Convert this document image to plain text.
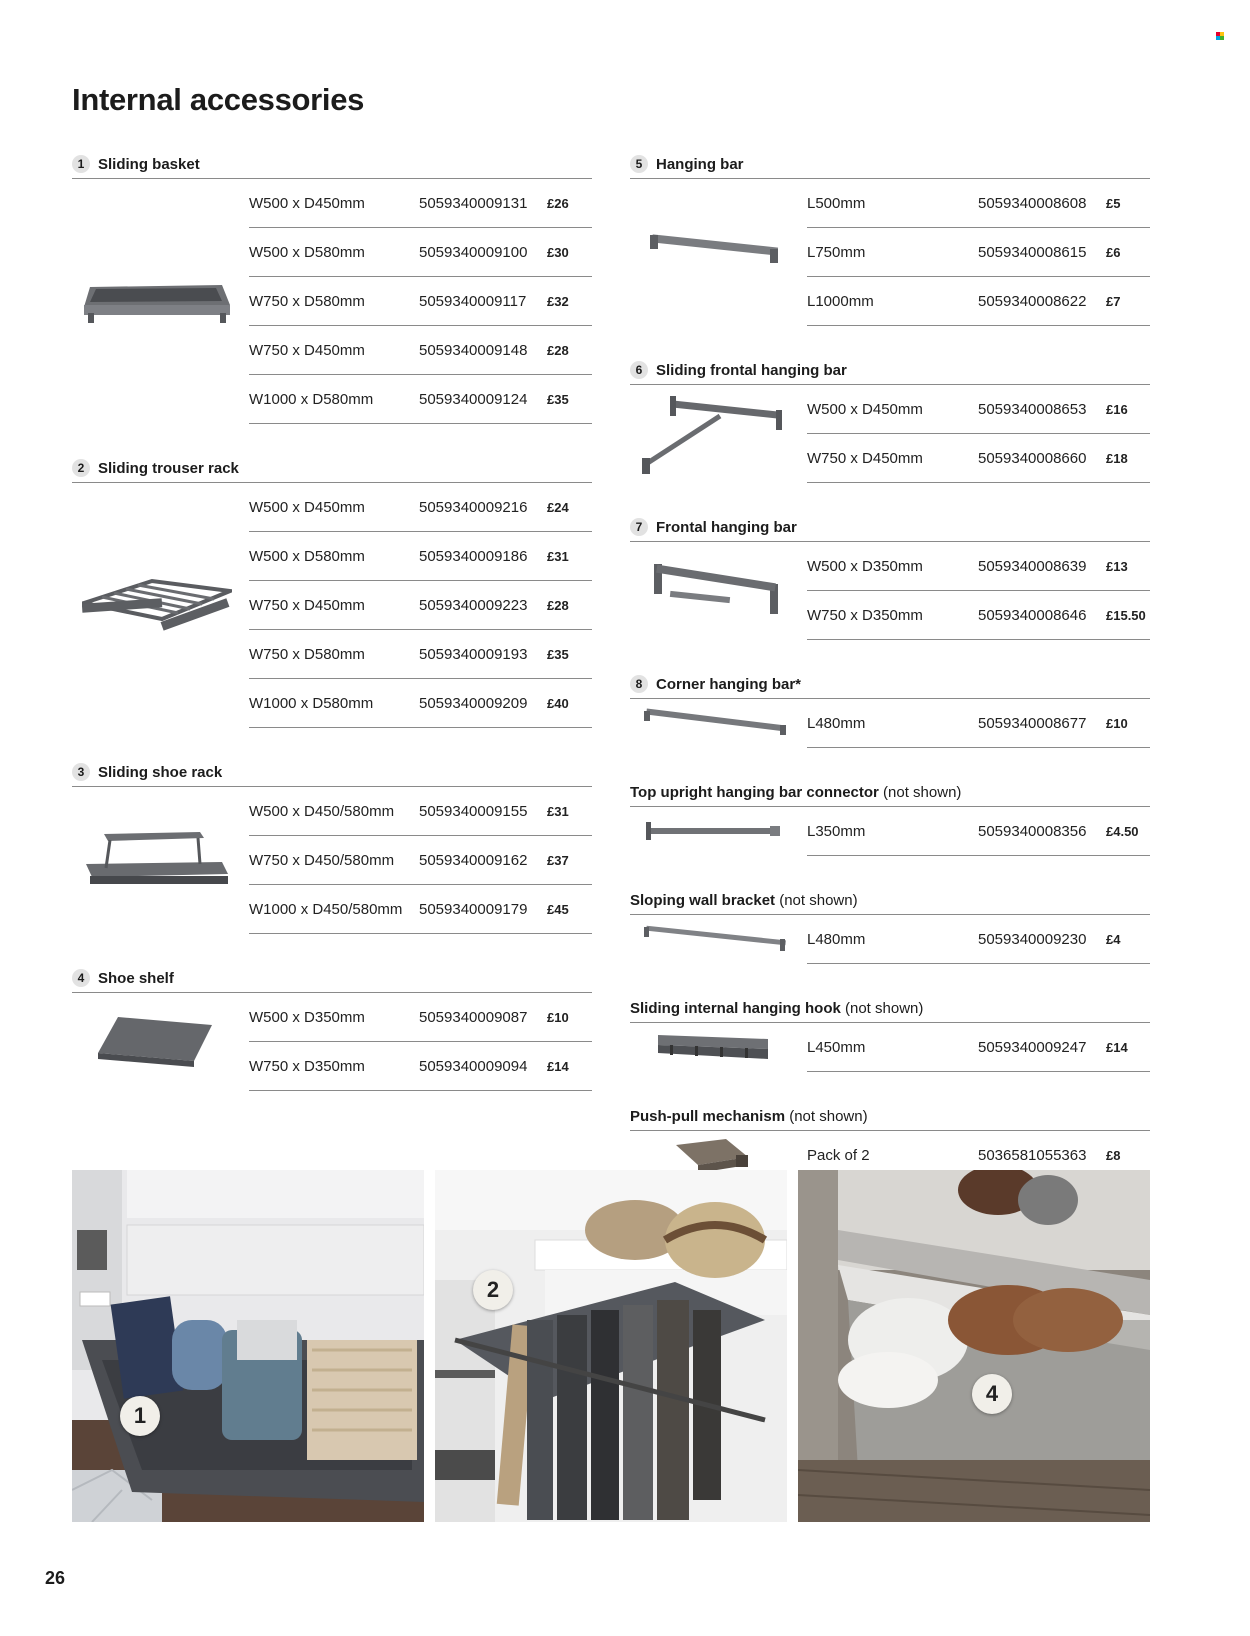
Internal accessories
1 Sliding basket
W500 x D450mm	5059340009131	£26
W500 x D580mm	5059340009100	£30
W750 x D580mm	5059340009117	£32
W750 x D450mm	5059340009148	£28
W1000 x D580mm	5059340009124	£35
2 Sliding trouser rack
W500 x D450mm	5059340009216	£24
W500 x D580mm	5059340009186	£31
W750 x D450mm	5059340009223	£28
W750 x D580mm	5059340009193	£35
W1000 x D580mm	5059340009209	£40
3 Sliding shoe rack
W500 x D450/580mm	5059340009155	£31
W750 x D450/580mm	5059340009162	£37
W1000 x D450/580mm	5059340009179	£45
4 Shoe shelf
W500 x D350mm	5059340009087	£10
W750 x D350mm	5059340009094	£14
5 Hanging bar
L500mm	5059340008608	£5
L750mm	5059340008615	£6
L1000mm	5059340008622	£7
6 Sliding frontal hanging bar
W500 x D450mm	5059340008653	£16
W750 x D450mm	5059340008660	£18
7 Frontal hanging bar
W500 x D350mm	5059340008639	£13
W750 x D350mm	5059340008646	£15.50
8 Corner hanging bar*
L480mm	5059340008677	£10
Top upright hanging bar connector (not shown)
L350mm	5059340008356	£4.50
Sloping wall bracket (not shown)
L480mm	5059340009230	£4
Sliding internal hanging hook (not shown)
L450mm	5059340009247	£14
Push-pull mechanism (not shown)
Pack of 2	5036581055363	£8
1
2
4

26
